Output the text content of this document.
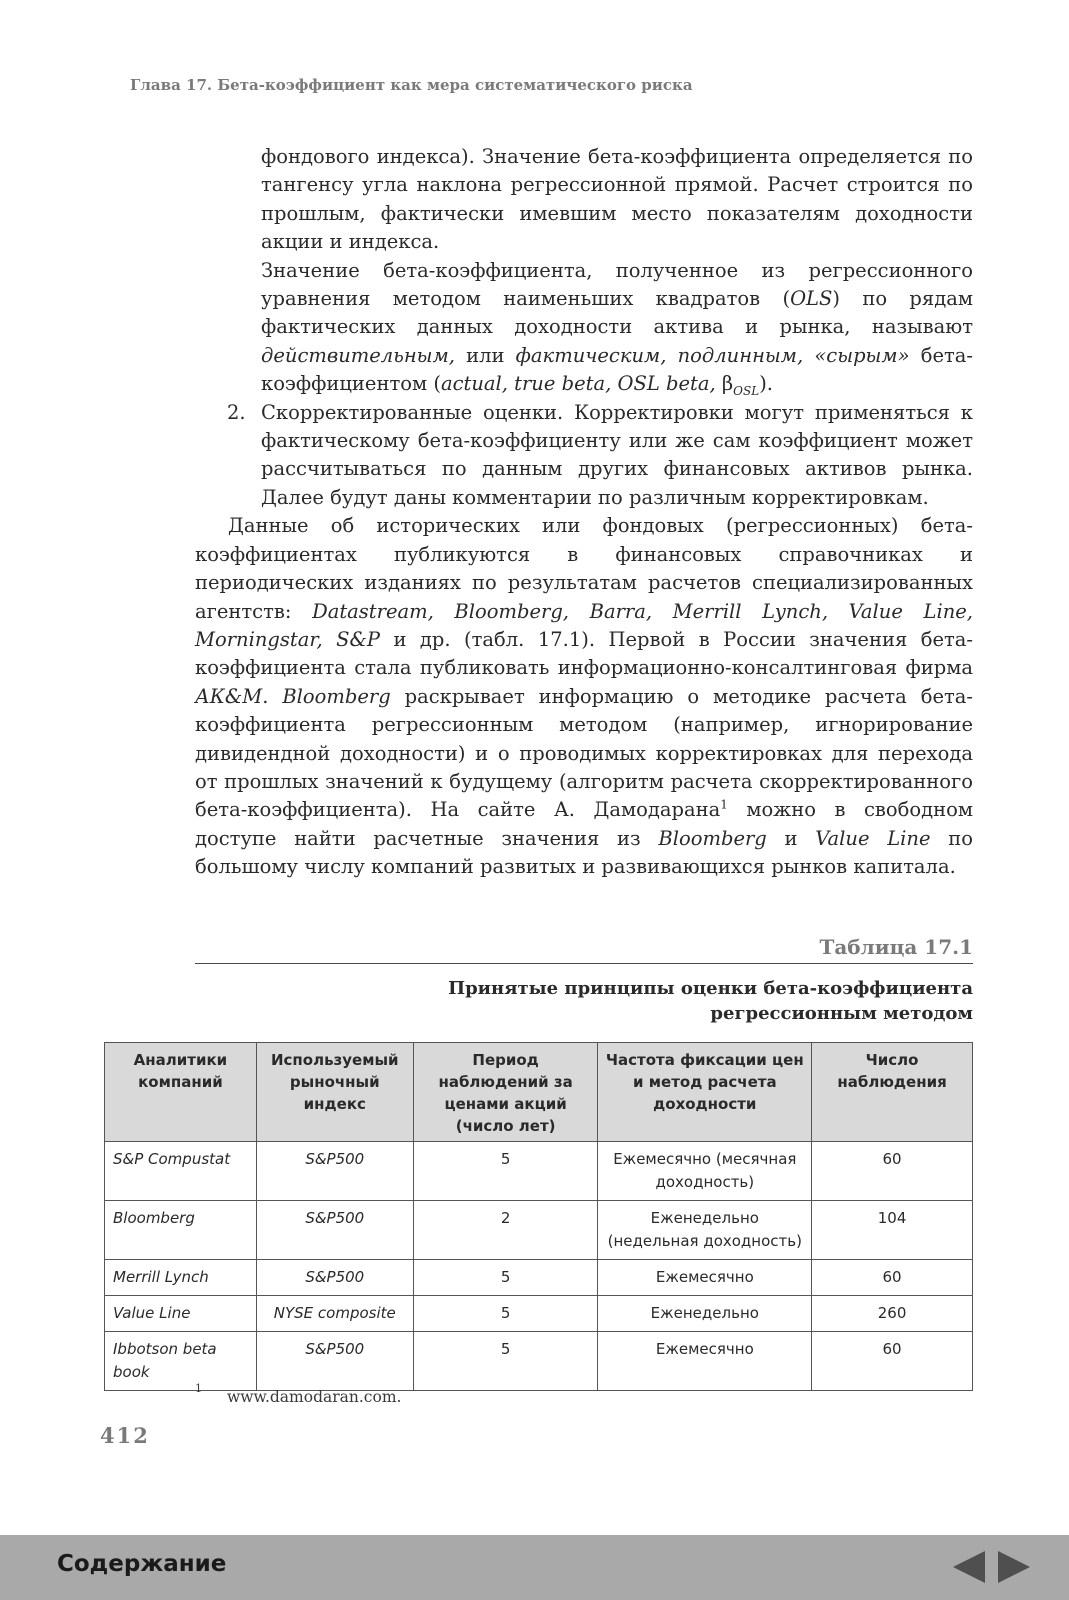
Глава 17. Бета-коэффициент как мера систематического риска

фондового индекса). Значение бета-коэффициента определяется по тангенсу угла наклона регрессионной прямой. Расчет строится по прошлым, фактически имевшим место показателям доходности акции и индекса.

Значение бета-коэффициента, полученное из регрессионного уравнения методом наименьших квадратов (OLS) по рядам фактических данных доходности актива и рынка, называют действительным, или фактическим, подлинным, «сырым» бета-коэффициентом (actual, true beta, OSL beta, $\beta_{OSL}$).

2. Скорректированные оценки. Корректировки могут применяться к фактическому бета-коэффициенту или же сам коэффициент может рассчитываться по данным других финансовых активов рынка. Далее будут даны комментарии по различным корректировкам.

Данные об исторических или фондовых (регрессионных) бета-коэффициентах публикуются в финансовых справочниках и периодических изданиях по результатам расчетов специализированных агентств: Datastream, Bloomberg, Barra, Merrill Lynch, Value Line, Morningstar, S&P и др. (табл. 17.1). Первой в России значения бета-коэффициента стала публиковать информационно-консалтинговая фирма АК&М. Bloomberg раскрывает информацию о методике расчета бета-коэффициента регрессионным методом (например, игнорирование дивидендной доходности) и о проводимых корректировках для перехода от прошлых значений к будущему (алгоритм расчета скорректированного бета-коэффициента). На сайте А. Дамодарана$^1$ можно в свободном доступе найти расчетные значения из Bloomberg и Value Line по большому числу компаний развитых и развивающихся рынков капитала.

Таблица 17.1
Принятые принципы оценки бета-коэффициента регрессионным методом
Аналитики компаний	Используемый рыночный индекс	Период наблюдений за ценами акций (число лет)	Частота фиксации цен и метод расчета доходности	Число наблюдения
S&P Compustat	S&P500	5	Ежемесячно (месячная доходность)	60
Bloomberg	S&P500	2	Еженедельно (недельная доходность)	104
Merrill Lynch	S&P500	5	Ежемесячно	60
Value Line	NYSE composite	5	Еженедельно	260
Ibbotson beta book	S&P500	5	Ежемесячно	60
1 www.damodaran.com.
412
Содержание
